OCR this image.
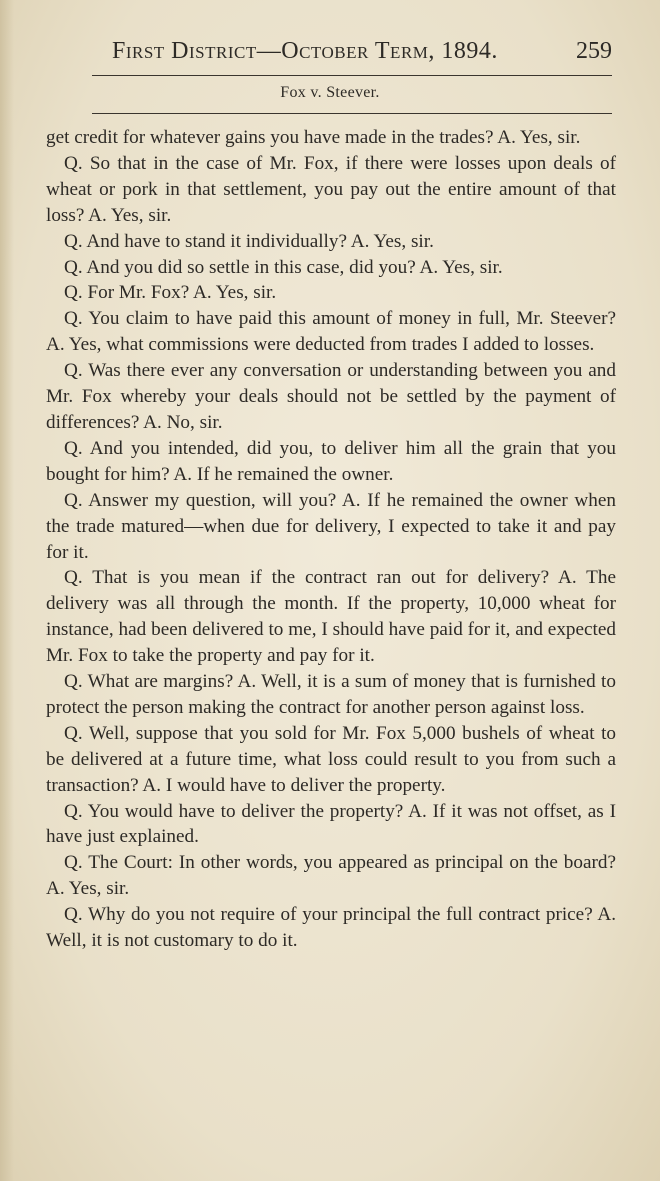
First District—October Term, 1894.	259
Fox v. Steever.

get credit for whatever gains you have made in the trades? A. Yes, sir.

Q. So that in the case of Mr. Fox, if there were losses upon deals of wheat or pork in that settlement, you pay out the entire amount of that loss? A. Yes, sir.

Q. And have to stand it individually? A. Yes, sir.

Q. And you did so settle in this case, did you? A. Yes, sir.

Q. For Mr. Fox? A. Yes, sir.

Q. You claim to have paid this amount of money in full, Mr. Steever? A. Yes, what commissions were deducted from trades I added to losses.

Q. Was there ever any conversation or understanding between you and Mr. Fox whereby your deals should not be settled by the payment of differences? A. No, sir.

Q. And you intended, did you, to deliver him all the grain that you bought for him? A. If he remained the owner.

Q. Answer my question, will you? A. If he remained the owner when the trade matured—when due for delivery, I expected to take it and pay for it.

Q. That is you mean if the contract ran out for delivery? A. The delivery was all through the month. If the property, 10,000 wheat for instance, had been delivered to me, I should have paid for it, and expected Mr. Fox to take the property and pay for it.

Q. What are margins? A. Well, it is a sum of money that is furnished to protect the person making the contract for another person against loss.

Q. Well, suppose that you sold for Mr. Fox 5,000 bushels of wheat to be delivered at a future time, what loss could result to you from such a transaction? A. I would have to deliver the property.

Q. You would have to deliver the property? A. If it was not offset, as I have just explained.

Q. The Court: In other words, you appeared as principal on the board? A. Yes, sir.

Q. Why do you not require of your principal the full contract price? A. Well, it is not customary to do it.
